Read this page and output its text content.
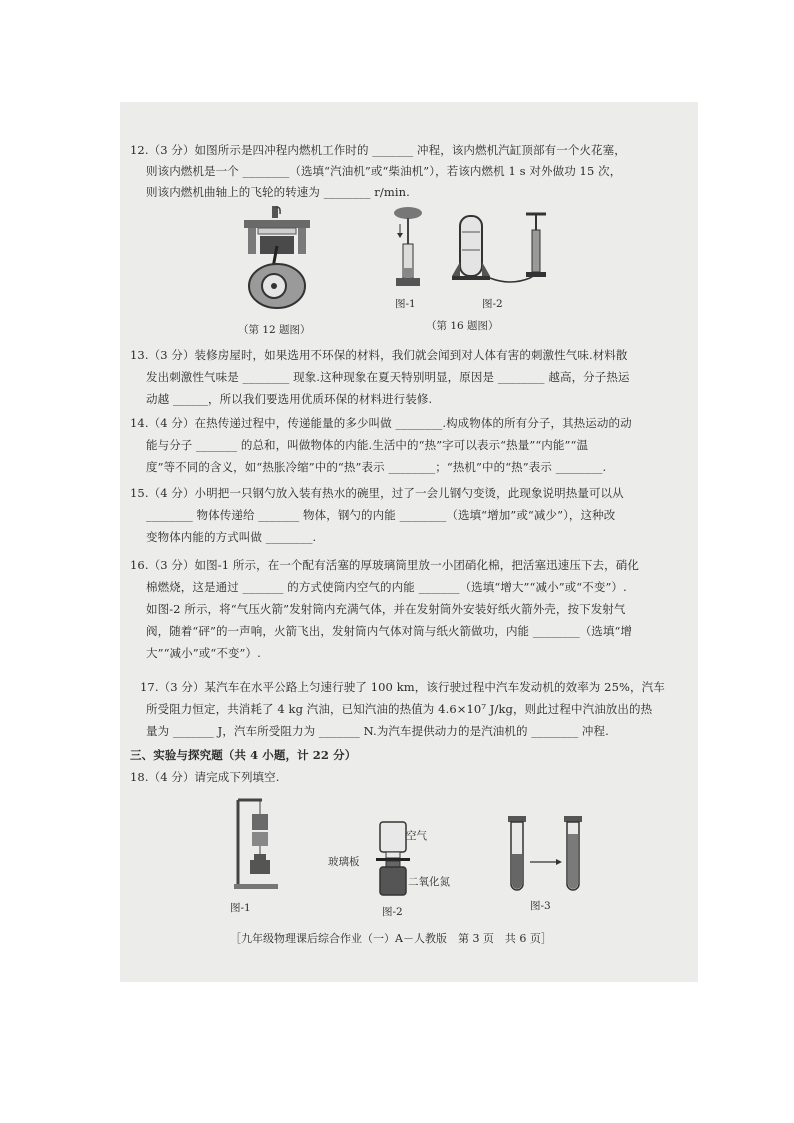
12.（3 分）如图所示是四冲程内燃机工作时的 _______ 冲程，该内燃机汽缸顶部有一个火花塞，
则该内燃机是一个 ________（选填“汽油机”或“柴油机”），若该内燃机 1 s 对外做功 15 次，
则该内燃机曲轴上的飞轮的转速为 ________ r/min.
（第 12 题图）
图-1	图-2
（第 16 题图）
13.（3 分）装修房屋时，如果选用不环保的材料，我们就会闻到对人体有害的刺激性气味.材料散
发出刺激性气味是 ________ 现象.这种现象在夏天特别明显，原因是 ________ 越高，分子热运
动越 ______，所以我们要选用优质环保的材料进行装修.
14.（4 分）在热传递过程中，传递能量的多少叫做 ________.构成物体的所有分子，其热运动的动
能与分子 _______ 的总和，叫做物体的内能.生活中的“热”字可以表示“热量”“内能”“温
度”等不同的含义，如“热胀冷缩”中的“热”表示 ________；“热机”中的“热”表示 ________.
15.（4 分）小明把一只钢勺放入装有热水的碗里，过了一会儿钢勺变烫，此现象说明热量可以从
________ 物体传递给 _______ 物体，钢勺的内能 ________（选填“增加”或“减少”），这种改
变物体内能的方式叫做 ________.
16.（3 分）如图-1 所示，在一个配有活塞的厚玻璃筒里放一小团硝化棉，把活塞迅速压下去，硝化
棉燃烧，这是通过 _______ 的方式使筒内空气的内能 _______（选填“增大”“减小”或“不变”）.
如图-2 所示，将“气压火箭”发射筒内充满气体，并在发射筒外安装好纸火箭外壳，按下发射气
阀，随着“砰”的一声响，火箭飞出，发射筒内气体对筒与纸火箭做功，内能 ________（选填“增
大”“减小”或“不变”）.
17.（3 分）某汽车在水平公路上匀速行驶了 100 km，该行驶过程中汽车发动机的效率为 25%，汽车
所受阻力恒定，共消耗了 4 kg 汽油，已知汽油的热值为 4.6×10⁷ J/kg，则此过程中汽油放出的热
量为 _______ J，汽车所受阻力为 _______ N.为汽车提供动力的是汽油机的 ________ 冲程.
三、实验与探究题（共 4 小题，计 22 分）
18.（4 分）请完成下列填空.
图-1
空气
玻璃板
二氧化氮
图-2	图-3
［九年级物理课后综合作业（一）A－人教版　第 3 页　共 6 页］
